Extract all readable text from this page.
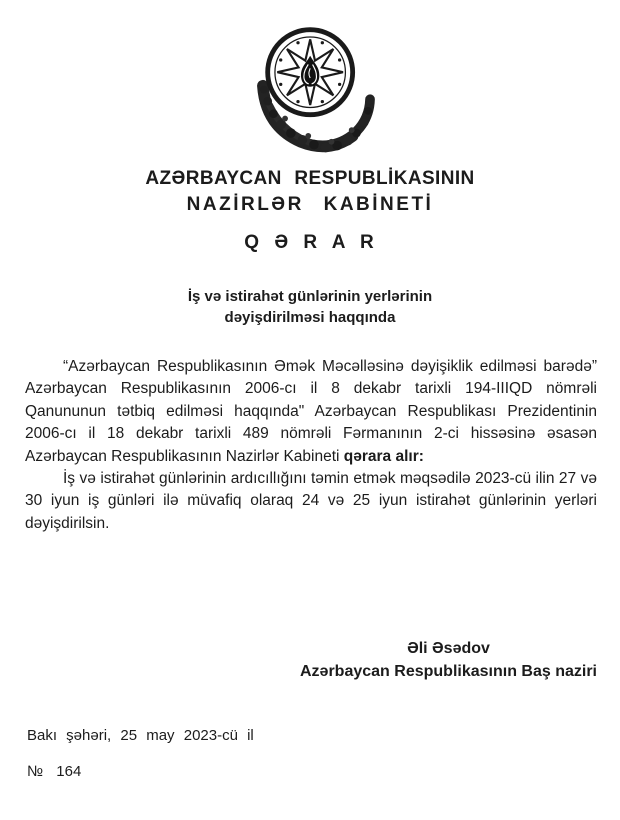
AZƏRBAYCAN RESPUBLİKASININ
NAZİRLƏR KABİNETİ
Q Ə R A R
İş və istirahət günlərinin yerlərinin
dəyişdirilməsi haqqında

“Azərbaycan Respublikasının Əmək Məcəlləsinə dəyişiklik edilməsi barədə” Azərbaycan Respublikasının 2006-cı il 8 dekabr tarixli 194-IIIQD nömrəli Qanununun tətbiq edilməsi haqqında" Azərbaycan Respublikası Prezidentinin 2006-cı il 18 dekabr tarixli 489 nömrəli Fərmanının 2-ci hissəsinə əsasən Azərbaycan Respublikasının Nazirlər Kabineti qərara alır:

İş və istirahət günlərinin ardıcıllığını təmin etmək məqsədilə 2023-cü ilin 27 və 30 iyun iş günləri ilə müvafiq olaraq 24 və 25 iyun istirahət günlərinin yerləri dəyişdirilsin.

Əli Əsədov
Azərbaycan Respublikasının Baş naziri
Bakı şəhəri, 25 may 2023-cü il
№ 164
